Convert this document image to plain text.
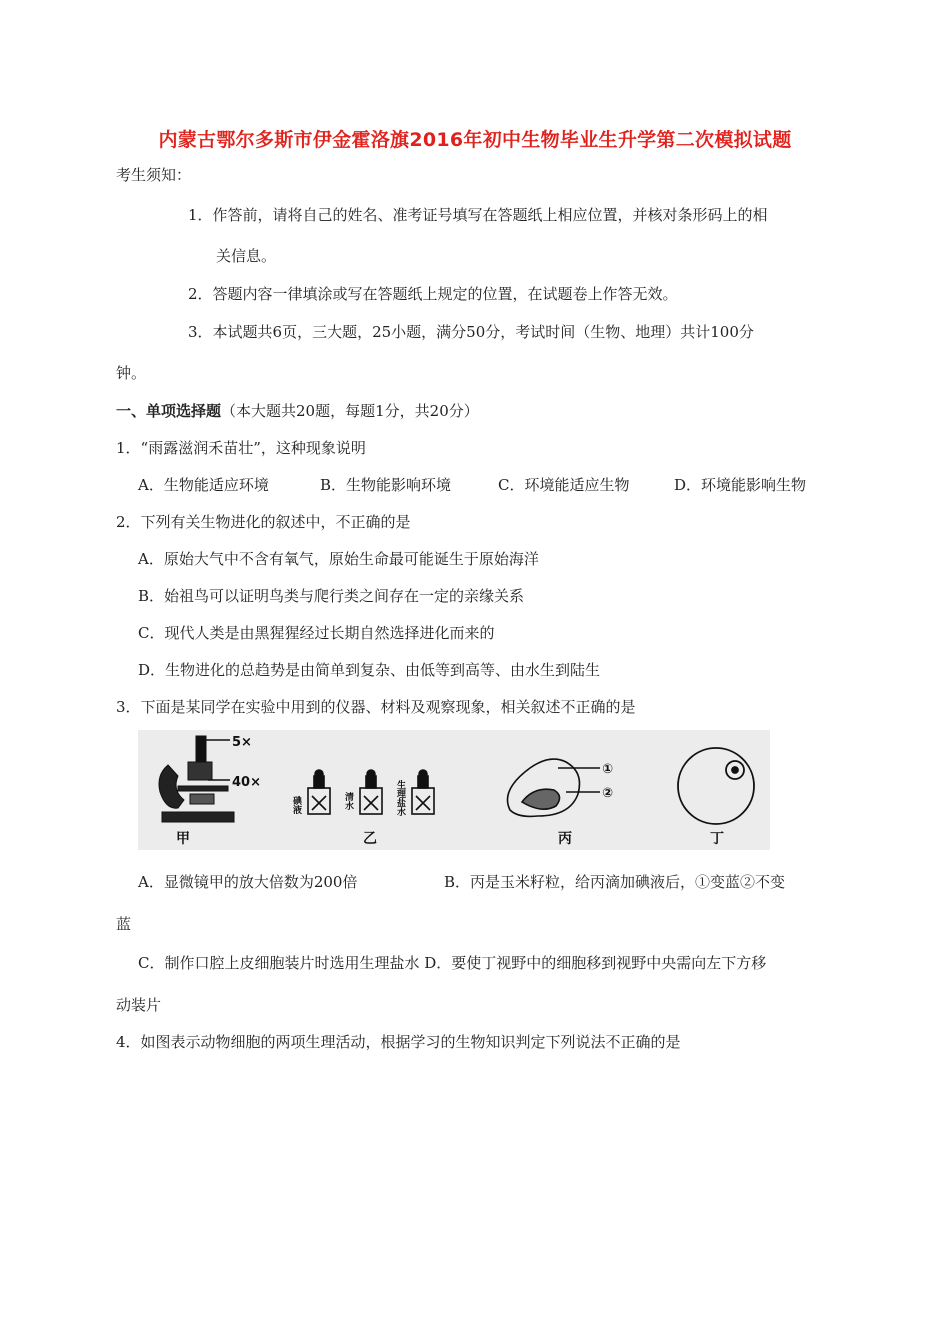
内蒙古鄂尔多斯市伊金霍洛旗2016年初中生物毕业生升学第二次模拟试题
考生须知：
1．作答前，请将自己的姓名、准考证号填写在答题纸上相应位置，并核对条形码上的相
关信息。
2．答题内容一律填涂或写在答题纸上规定的位置，在试题卷上作答无效。
3．本试题共6页，三大题，25小题，满分50分，考试时间（生物、地理）共计100分
钟。
一、单项选择题（本大题共20题，每题1分，共20分）
1．“雨露滋润禾苗壮”，这种现象说明
A．生物能适应环境	B．生物能影响环境	C．环境能适应生物	D．环境能影响生物
2．下列有关生物进化的叙述中，不正确的是
A．原始大气中不含有氧气，原始生命最可能诞生于原始海洋
B．始祖鸟可以证明鸟类与爬行类之间存在一定的亲缘关系
C．现代人类是由黑猩猩经过长期自然选择进化而来的
D．生物进化的总趋势是由简单到复杂、由低等到高等、由水生到陆生
3．下面是某同学在实验中用到的仪器、材料及观察现象，相关叙述不正确的是
5×
40×
碘液	清水	生理盐水
①
②
甲	乙	丙	丁
A．显微镜甲的放大倍数为200倍	B．丙是玉米籽粒，给丙滴加碘液后，①变蓝②不变
蓝
C．制作口腔上皮细胞装片时选用生理盐水 D．要使丁视野中的细胞移到视野中央需向左下方移
动装片
4．如图表示动物细胞的两项生理活动，根据学习的生物知识判定下列说法不正确的是
